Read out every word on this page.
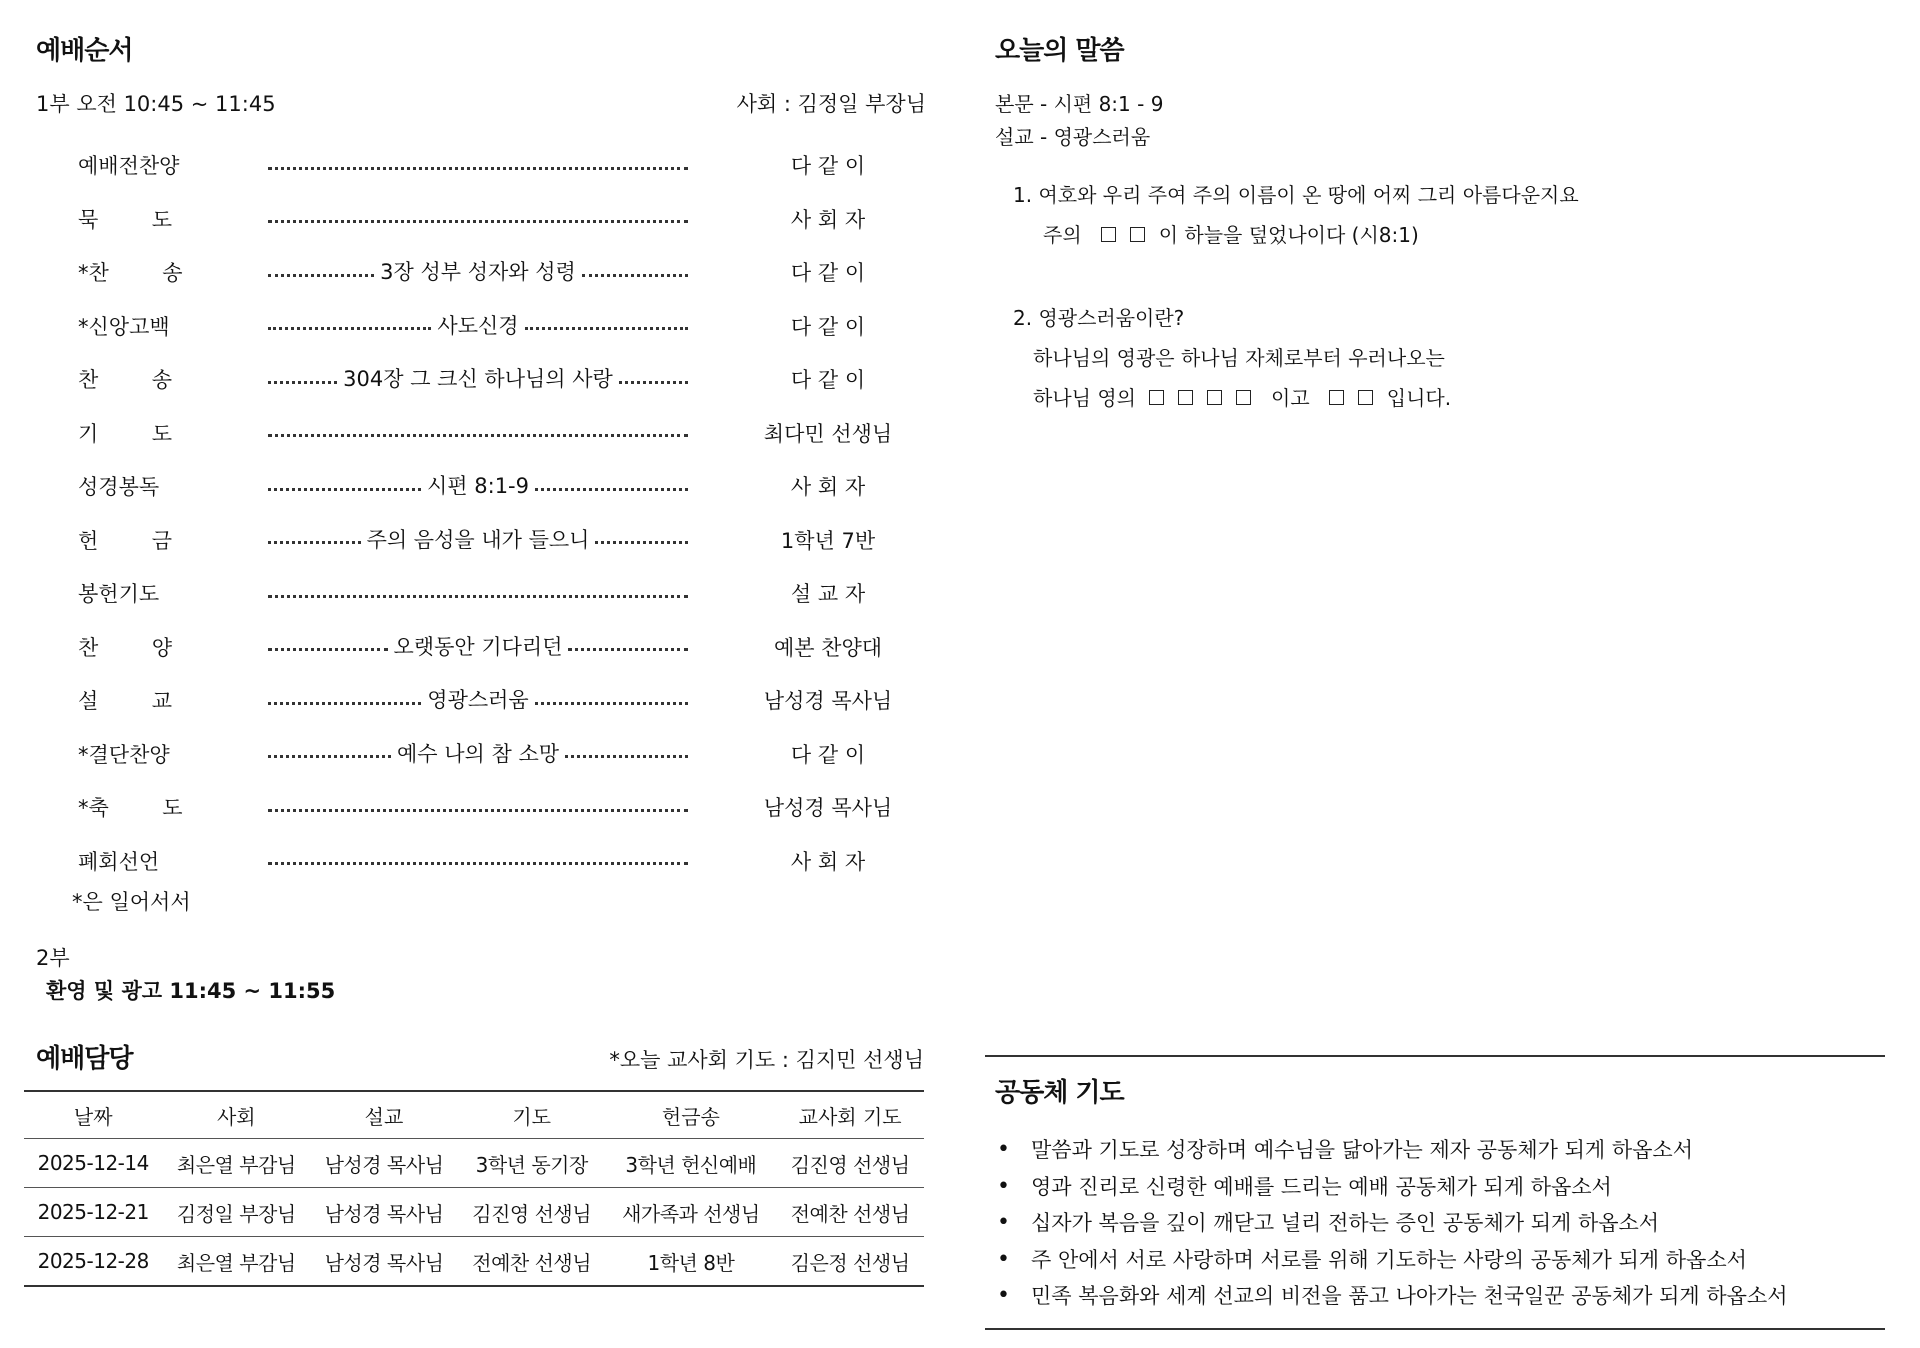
예배순서
1부 오전 10:45 ~ 11:45	사회 : 김정일 부장님
예배전찬양	다 같 이
묵        도	사 회 자
*찬        송	3장 성부 성자와 성령	다 같 이
*신앙고백	사도신경	다 같 이
찬        송	304장 그 크신 하나님의 사랑	다 같 이
기        도	최다민 선생님
성경봉독	시편 8:1-9	사 회 자
헌        금	주의 음성을 내가 들으니	1학년 7반
봉헌기도	설 교 자
찬        양	오랫동안 기다리던	예본 찬양대
설        교	영광스러움	남성경 목사님
*결단찬양	예수 나의 참 소망	다 같 이
*축        도	남성경 목사님
폐회선언	사 회 자
*은 일어서서
2부
환영 및 광고 11:45 ~ 11:55
예배담당	*오늘 교사회 기도 : 김지민 선생님
날짜	사회	설교	기도	헌금송	교사회 기도
2025-12-14	최은열 부감님	남성경 목사님	3학년 동기장	3학년 헌신예배	김진영 선생님
2025-12-21	김정일 부장님	남성경 목사님	김진영 선생님	새가족과 선생님	전예찬 선생님
2025-12-28	최은열 부감님	남성경 목사님	전예찬 선생님	1학년 8반	김은정 선생님
오늘의 말씀
본문 - 시편 8:1 - 9
설교 - 영광스러움
1. 여호와 우리 주여 주의 이름이 온 땅에 어찌 그리 아름다운지요
주의	이 하늘을 덮었나이다 (시8:1)
2. 영광스러움이란?
하나님의 영광은 하나님 자체로부터 우러나오는
하나님 영의	이고	입니다.
공동체 기도
• 말씀과 기도로 성장하며 예수님을 닮아가는 제자 공동체가 되게 하옵소서
• 영과 진리로 신령한 예배를 드리는 예배 공동체가 되게 하옵소서
• 십자가 복음을 깊이 깨닫고 널리 전하는 증인 공동체가 되게 하옵소서
• 주 안에서 서로 사랑하며 서로를 위해 기도하는 사랑의 공동체가 되게 하옵소서
• 민족 복음화와 세계 선교의 비전을 품고 나아가는 천국일꾼 공동체가 되게 하옵소서
